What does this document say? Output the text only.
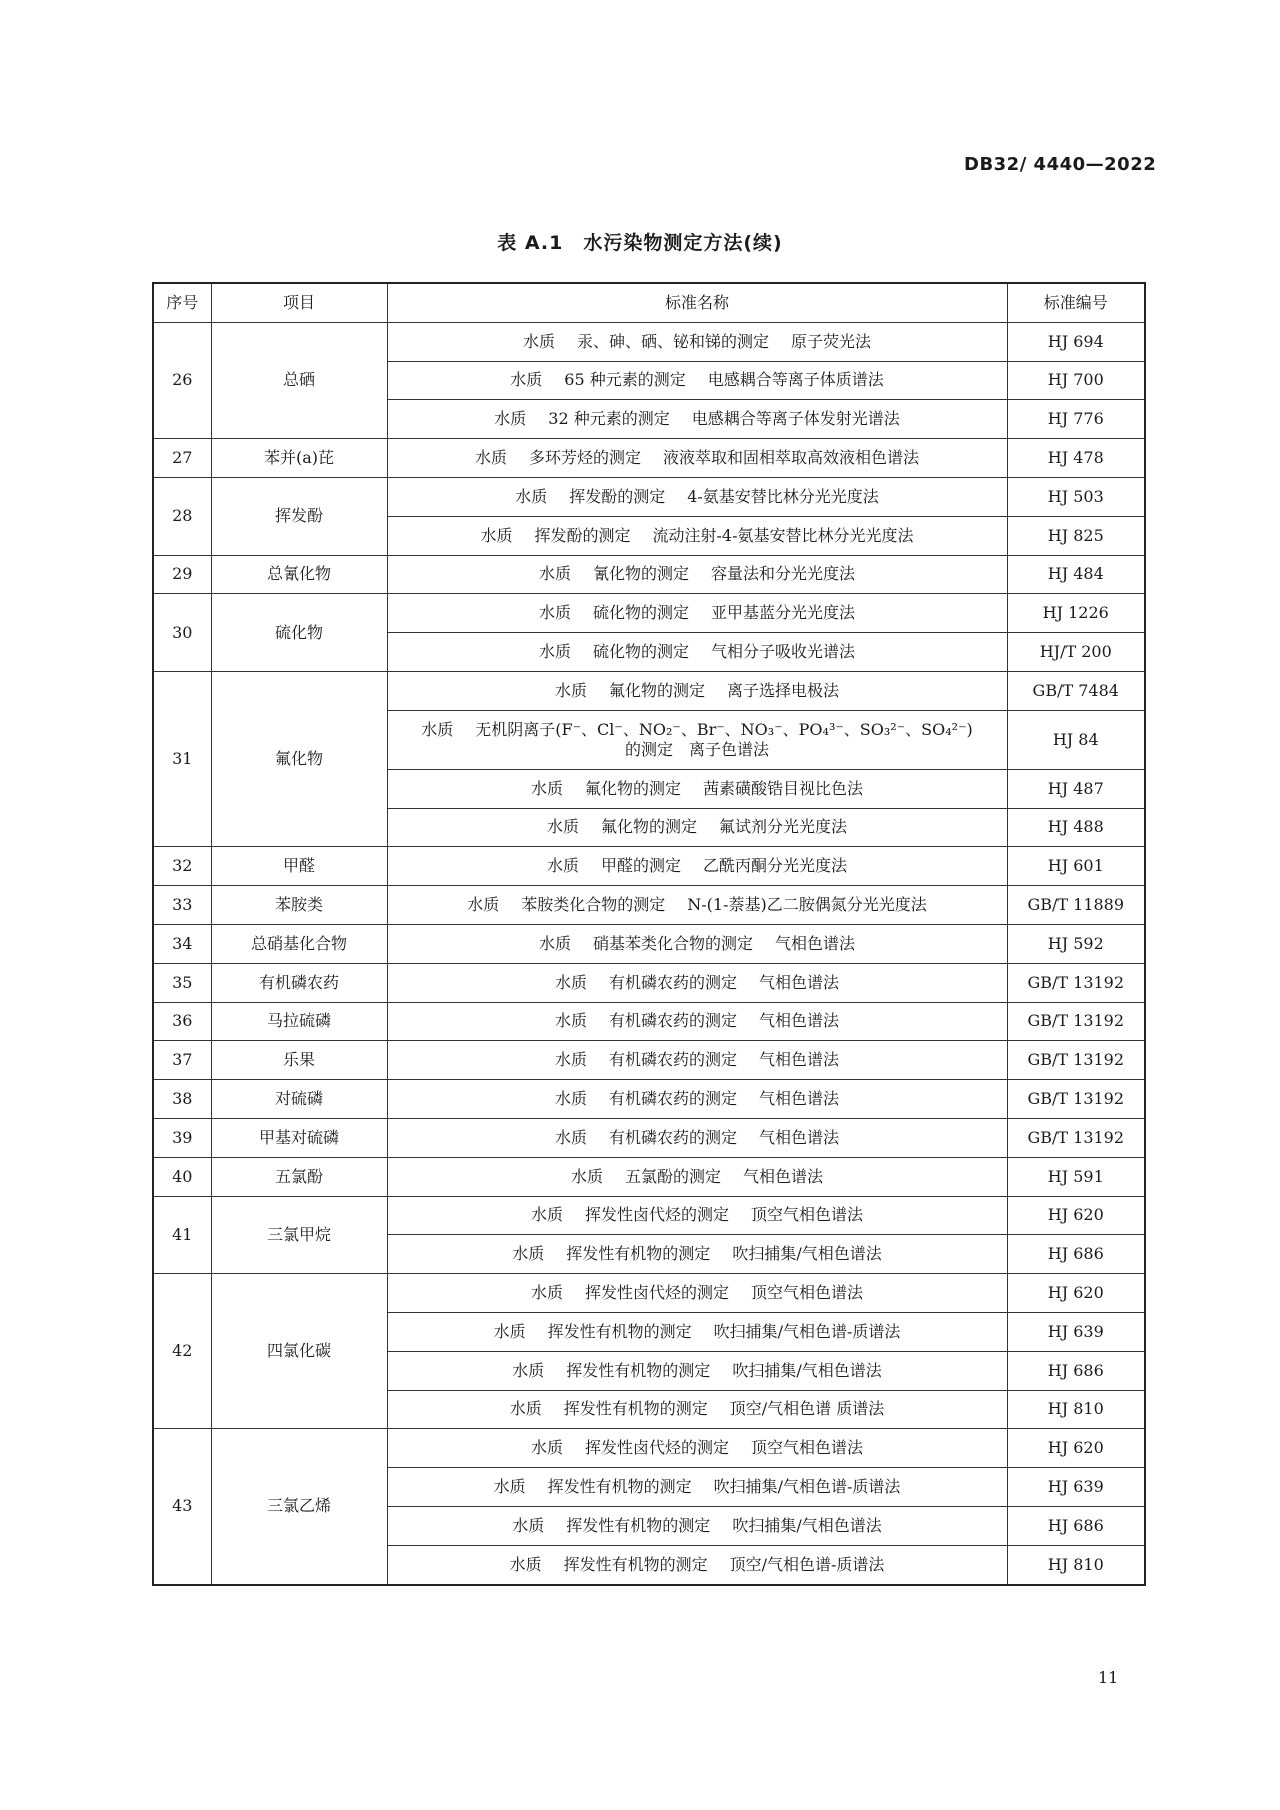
DB32/ 4440—2022
表 A.1 水污染物测定方法(续)
序号	项目	标准名称	标准编号
26	总硒	水质 汞、砷、硒、铋和锑的测定 原子荧光法	HJ 694
		水质 65 种元素的测定 电感耦合等离子体质谱法	HJ 700
		水质 32 种元素的测定 电感耦合等离子体发射光谱法	HJ 776
27	苯并(a)芘	水质 多环芳烃的测定 液液萃取和固相萃取高效液相色谱法	HJ 478
28	挥发酚	水质 挥发酚的测定 4-氨基安替比林分光光度法	HJ 503
		水质 挥发酚的测定 流动注射-4-氨基安替比林分光光度法	HJ 825
29	总氰化物	水质 氰化物的测定 容量法和分光光度法	HJ 484
30	硫化物	水质 硫化物的测定 亚甲基蓝分光光度法	HJ 1226
		水质 硫化物的测定 气相分子吸收光谱法	HJ/T 200
31	氟化物	水质 氟化物的测定 离子选择电极法	GB/T 7484

		水质 无机阴离子(F⁻、Cl⁻、NO₂⁻、Br⁻、NO₃⁻、PO₄³⁻、SO₃²⁻、SO₄²⁻)
的测定　离子色谱法	HJ 84
		水质 氟化物的测定 茜素磺酸锆目视比色法	HJ 487
		水质 氟化物的测定 氟试剂分光光度法	HJ 488
32	甲醛	水质 甲醛的测定 乙酰丙酮分光光度法	HJ 601
33	苯胺类	水质 苯胺类化合物的测定 N-(1-萘基)乙二胺偶氮分光光度法	GB/T 11889
34	总硝基化合物	水质 硝基苯类化合物的测定 气相色谱法	HJ 592
35	有机磷农药	水质 有机磷农药的测定 气相色谱法	GB/T 13192
36	马拉硫磷	水质 有机磷农药的测定 气相色谱法	GB/T 13192
37	乐果	水质 有机磷农药的测定 气相色谱法	GB/T 13192
38	对硫磷	水质 有机磷农药的测定 气相色谱法	GB/T 13192
39	甲基对硫磷	水质 有机磷农药的测定 气相色谱法	GB/T 13192
40	五氯酚	水质 五氯酚的测定 气相色谱法	HJ 591
41	三氯甲烷	水质 挥发性卤代烃的测定 顶空气相色谱法	HJ 620
		水质 挥发性有机物的测定 吹扫捕集/气相色谱法	HJ 686
42	四氯化碳	水质 挥发性卤代烃的测定 顶空气相色谱法	HJ 620
		水质 挥发性有机物的测定 吹扫捕集/气相色谱-质谱法	HJ 639
		水质 挥发性有机物的测定 吹扫捕集/气相色谱法	HJ 686
		水质 挥发性有机物的测定 顶空/气相色谱 质谱法	HJ 810
43	三氯乙烯	水质 挥发性卤代烃的测定 顶空气相色谱法	HJ 620
		水质 挥发性有机物的测定 吹扫捕集/气相色谱-质谱法	HJ 639
		水质 挥发性有机物的测定 吹扫捕集/气相色谱法	HJ 686
		水质 挥发性有机物的测定 顶空/气相色谱-质谱法	HJ 810
11
